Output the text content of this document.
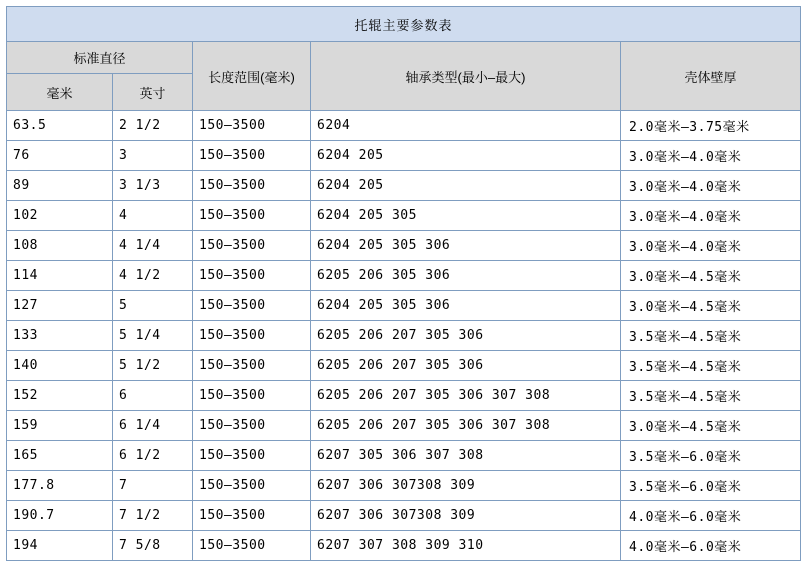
托辊主要参数表				
标准直径		长度范围(毫米)	轴承类型(最小–最大)	壳体壁厚
毫米	英寸			
63.5	2 1/2	150–3500	6204	2.0毫米–3.75毫米
76	3	150–3500	6204 205	3.0毫米–4.0毫米
89	3 1/3	150–3500	6204 205	3.0毫米–4.0毫米
102	4	150–3500	6204 205 305	3.0毫米–4.0毫米
108	4 1/4	150–3500	6204 205 305 306	3.0毫米–4.0毫米
114	4 1/2	150–3500	6205 206 305 306	3.0毫米–4.5毫米
127	5	150–3500	6204 205 305 306	3.0毫米–4.5毫米
133	5 1/4	150–3500	6205 206 207 305 306	3.5毫米–4.5毫米
140	5 1/2	150–3500	6205 206 207 305 306	3.5毫米–4.5毫米
152	6	150–3500	6205 206 207 305 306 307 308	3.5毫米–4.5毫米
159	6 1/4	150–3500	6205 206 207 305 306 307 308	3.0毫米–4.5毫米
165	6 1/2	150–3500	6207 305 306 307 308	3.5毫米–6.0毫米
177.8	7	150–3500	6207 306 307308 309	3.5毫米–6.0毫米
190.7	7 1/2	150–3500	6207 306 307308 309	4.0毫米–6.0毫米
194	7 5/8	150–3500	6207 307 308 309 310	4.0毫米–6.0毫米
